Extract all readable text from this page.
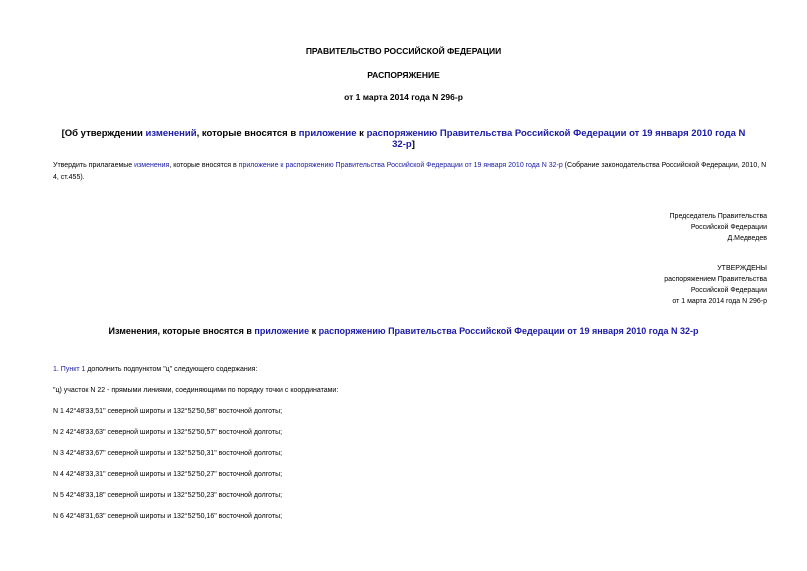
ПРАВИТЕЛЬСТВО РОССИЙСКОЙ ФЕДЕРАЦИИ
РАСПОРЯЖЕНИЕ
от 1 марта 2014 года N 296-р
[Об утверждении изменений, которые вносятся в приложение к распоряжению Правительства Российской Федерации от 19 января 2010 года N 32-р]
Утвердить прилагаемые изменения, которые вносятся в приложение к распоряжению Правительства Российской Федерации от 19 января 2010 года N 32-р (Собрание законодательства Российской Федерации, 2010, N 4, ст.455).
Председатель Правительства
Российской Федерации
Д.Медведев
УТВЕРЖДЕНЫ
распоряжением Правительства
Российской Федерации
от 1 марта 2014 года N 296-р
Изменения, которые вносятся в приложение к распоряжению Правительства Российской Федерации от 19 января 2010 года N 32-р
1. Пункт 1 дополнить подпунктом "ц" следующего содержания:
"ц) участок N 22 - прямыми линиями, соединяющими по порядку точки с координатами:
N 1 42°48'33,51" северной широты и 132°52'50,58" восточной долготы;
N 2 42°48'33,63" северной широты и 132°52'50,57" восточной долготы;
N 3 42°48'33,67" северной широты и 132°52'50,31" восточной долготы;
N 4 42°48'33,31" северной широты и 132°52'50,27" восточной долготы;
N 5 42°48'33,18" северной широты и 132°52'50,23" восточной долготы;
N 6 42°48'31,63" северной широты и 132°52'50,16" восточной долготы;
